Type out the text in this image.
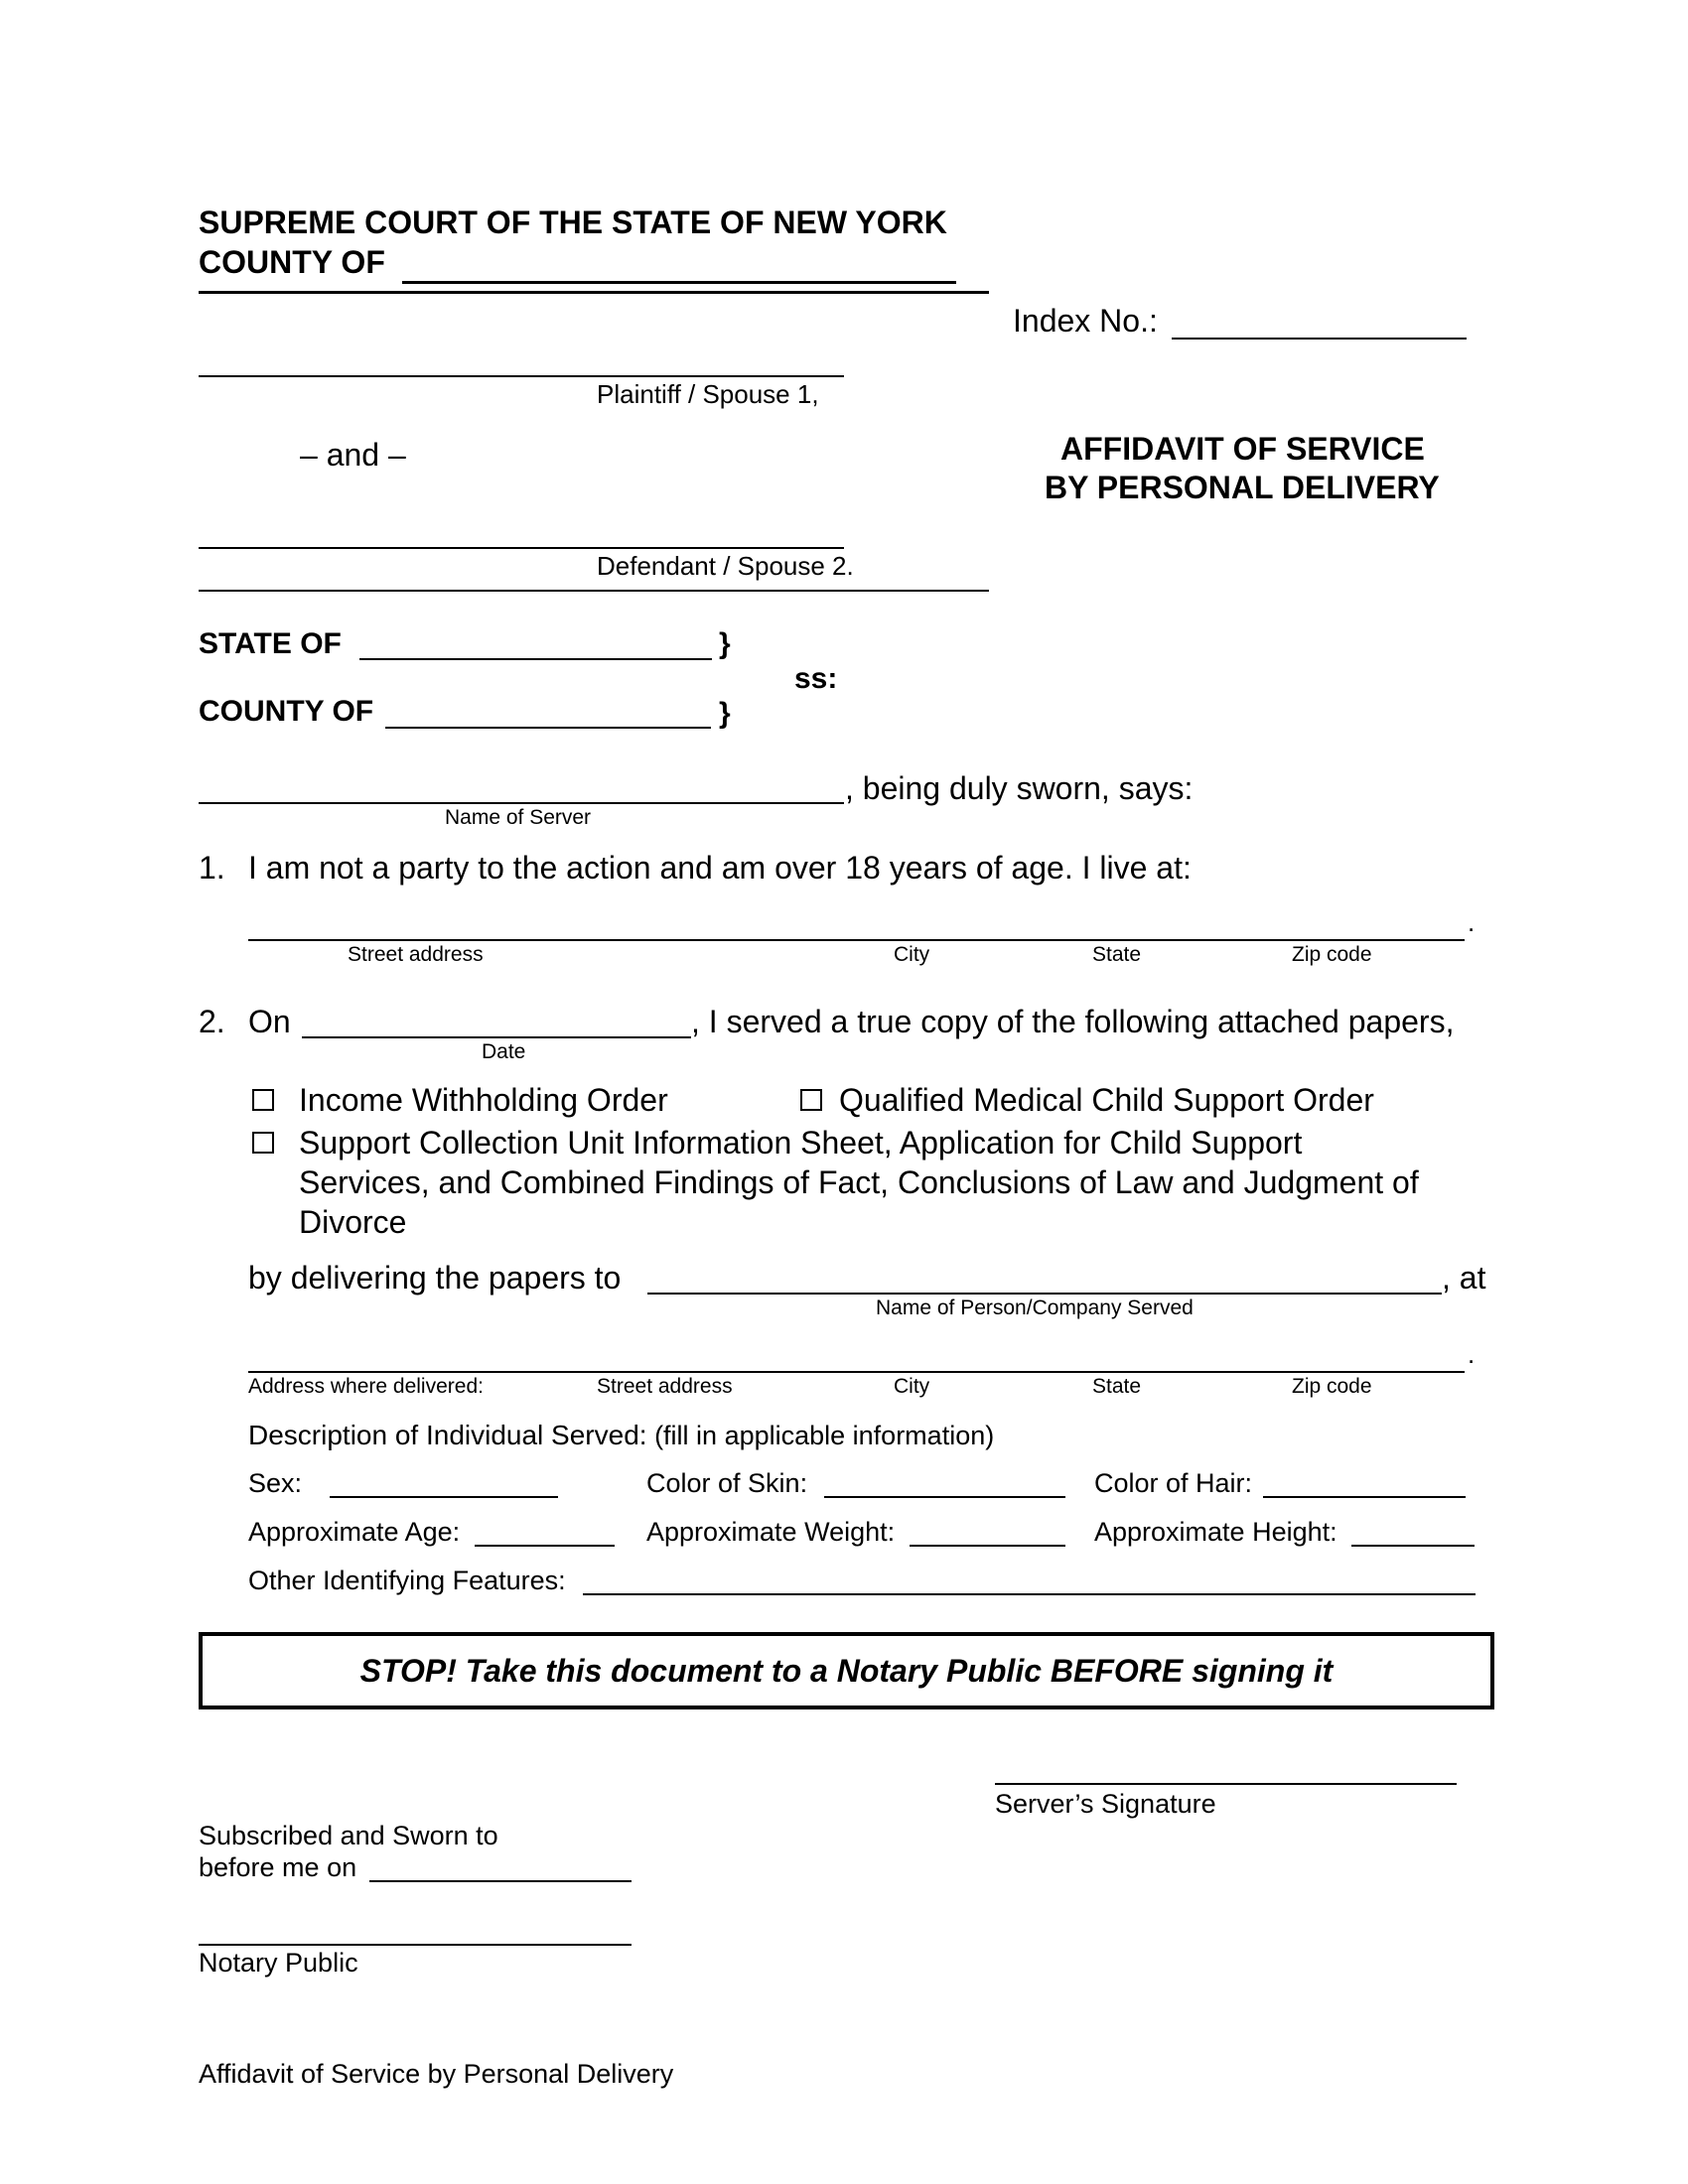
SUPREME COURT OF THE STATE OF NEW YORK
COUNTY OF
Index No.:
Plaintiff / Spouse 1,
– and –	AFFIDAVIT OF SERVICE
BY PERSONAL DELIVERY
Defendant / Spouse 2.
STATE OF	}
ss:
COUNTY OF	}
, being duly sworn, says:
Name of Server
1. I am not a party to the action and am over 18 years of age. I live at:
.
Street address	City	State	Zip code
2. On	, I served a true copy of the following attached papers,
Date
Income Withholding Order	Qualified Medical Child Support Order
Support Collection Unit Information Sheet, Application for Child Support
Services, and Combined Findings of Fact, Conclusions of Law and Judgment of
Divorce
by delivering the papers to	, at
Name of Person/Company Served
.
Address where delivered:	Street address	City	State	Zip code
Description of Individual Served: (fill in applicable information)
Sex:	Color of Skin:	Color of Hair:
Approximate Age:	Approximate Weight:	Approximate Height:
Other Identifying Features:
STOP! Take this document to a Notary Public BEFORE signing it
Server’s Signature
Subscribed and Sworn to
before me on
Notary Public
Affidavit of Service by Personal Delivery
